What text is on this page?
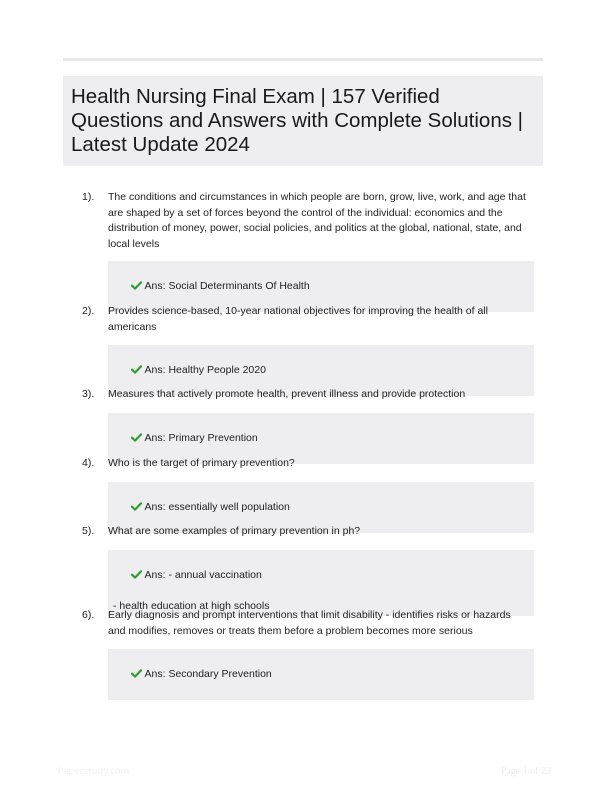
Health Nursing Final Exam | 157 Verified Questions and Answers with Complete Solutions | Latest Update 2024
1). The conditions and circumstances in which people are born, grow, live, work, and age that
are shaped by a set of forces beyond the control of the individual: economics and the
distribution of money, power, social policies, and politics at the global, national, state, and
local levels

Ans: Social Determinants Of Health

2). Provides science-based, 10-year national objectives for improving the health of all
americans

Ans: Healthy People 2020

3). Measures that actively promote health, prevent illness and provide protection

Ans: Primary Prevention

4). Who is the target of primary prevention?

Ans: essentially well population

5). What are some examples of primary prevention in ph?

Ans: - annual vaccination

- health education at high schools
6). Early diagnosis and prompt interventions that limit disability - identifies risks or hazards
and modifies, removes or treats them before a problem becomes more serious

Ans: Secondary Prevention

Paperstudy.com	Page 1 of 23
